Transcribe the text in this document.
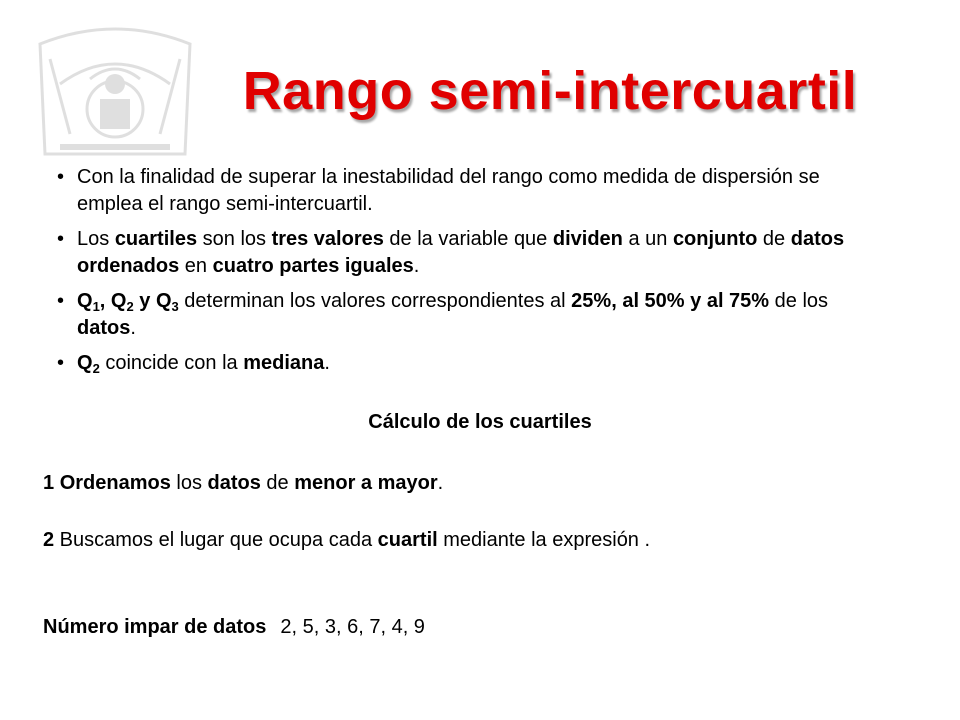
Rango semi-intercuartil
• Con la finalidad de superar la inestabilidad del rango como medida de dispersión se emplea el rango semi-intercuartil.
• Los cuartiles son los tres valores de la variable que dividen a un conjunto de datos ordenados en cuatro partes iguales.
• $Q_1$, $Q_2$ y $Q_3$ determinan los valores correspondientes al 25%, al 50% y al 75% de los datos.
• $Q_2$ coincide con la mediana.
Cálculo de los cuartiles
1 Ordenamos los datos de menor a mayor.
2 Buscamos el lugar que ocupa cada cuartil mediante la expresión .
Número impar de datos 2, 5, 3, 6, 7, 4, 9
